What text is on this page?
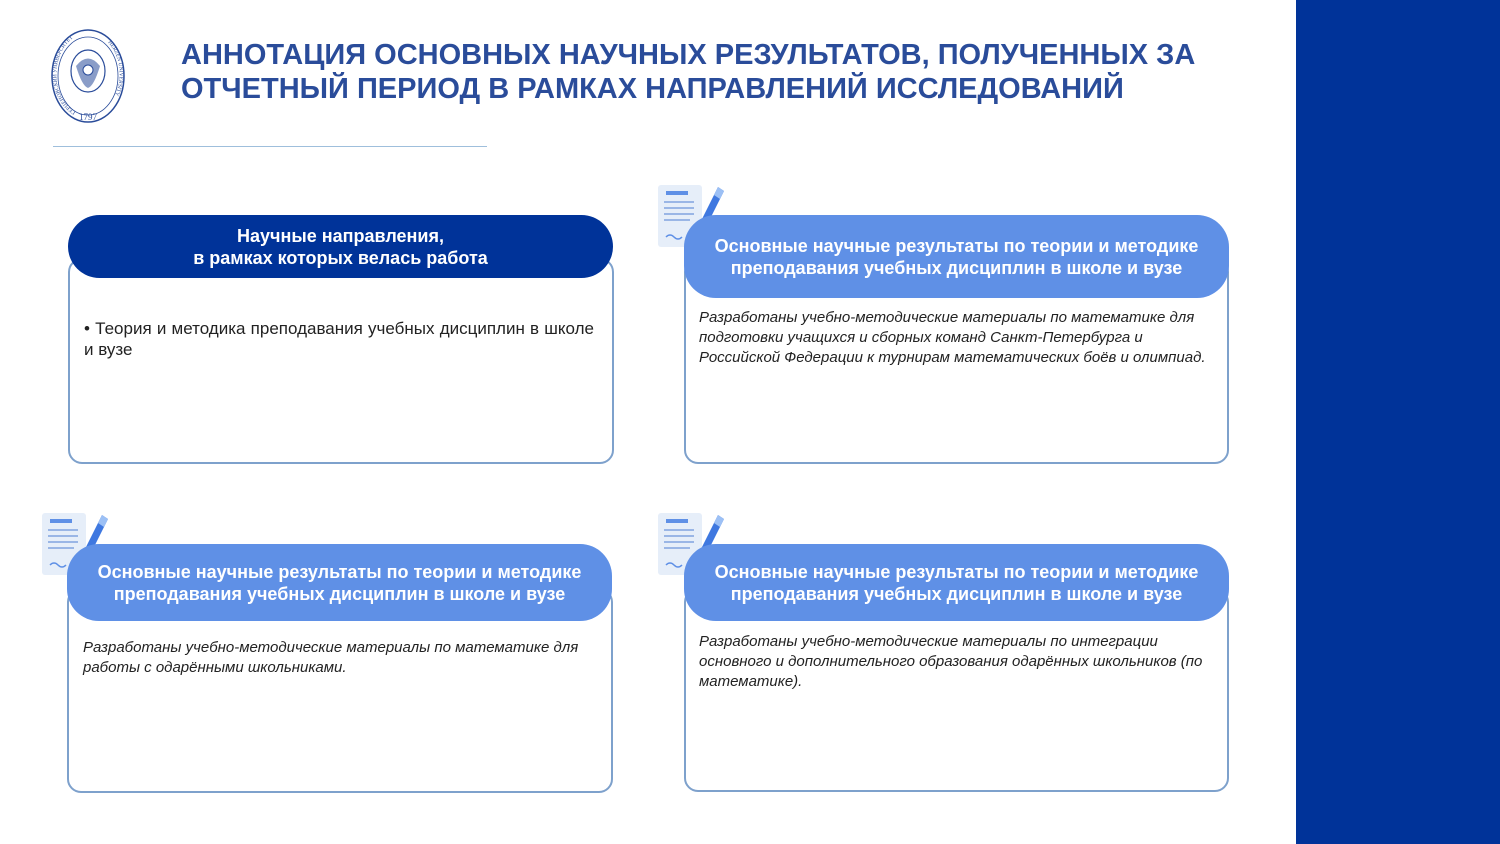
1797
АННОТАЦИЯ ОСНОВНЫХ НАУЧНЫХ РЕЗУЛЬТАТОВ, ПОЛУЧЕННЫХ ЗА ОТЧЕТНЫЙ ПЕРИОД В РАМКАХ НАПРАВЛЕНИЙ ИССЛЕДОВАНИЙ
Научные направления,
в рамках которых велась работа
• Теория и методика преподавания учебных дисциплин в школе и вузе
Основные научные результаты по теории и методике преподавания учебных дисциплин в школе и вузе
Разработаны учебно-методические материалы по математике для подготовки учащихся и сборных команд Санкт-Петербурга и Российской Федерации к турнирам математических боёв и олимпиад.
Основные научные результаты по теории и методике преподавания учебных дисциплин в школе и вузе
Разработаны учебно-методические материалы по математике для работы с одарёнными школьниками.
Основные научные результаты по теории и методике преподавания учебных дисциплин в школе и вузе
Разработаны учебно-методические материалы по интеграции основного и дополнительного образования одарённых школьников (по математике).
ГЕРЦЕНОВСКИЙ УНИВЕРСИТЕТ
HERZEN UNIVERSITY
